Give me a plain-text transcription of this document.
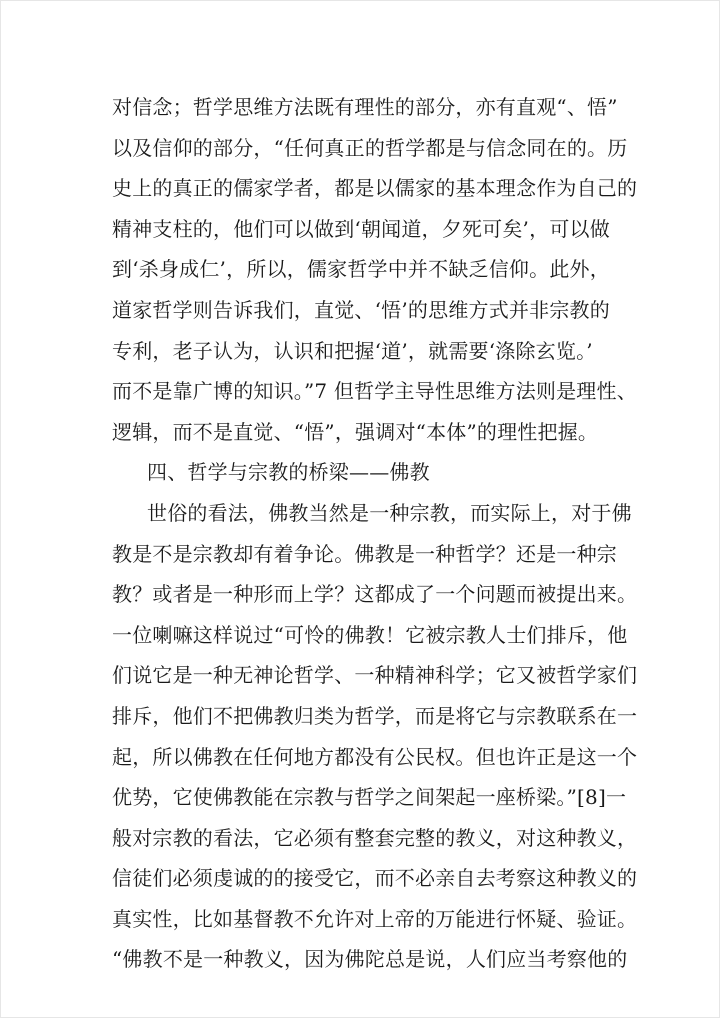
对信念；哲学思维方法既有理性的部分，亦有直观“、悟”
以及信仰的部分，“任何真正的哲学都是与信念同在的。历
史上的真正的儒家学者，都是以儒家的基本理念作为自己的
精神支柱的，他们可以做到‘朝闻道，夕死可矣’，可以做
到‘杀身成仁’，所以，儒家哲学中并不缺乏信仰。此外，
道家哲学则告诉我们，直觉、‘悟’的思维方式并非宗教的
专利，老子认为，认识和把握‘道’，就需要‘涤除玄览。’
而不是靠广博的知识。”7 但哲学主导性思维方法则是理性、
逻辑，而不是直觉、“悟”，强调对“本体”的理性把握。
四、哲学与宗教的桥梁——佛教
世俗的看法，佛教当然是一种宗教，而实际上，对于佛
教是不是宗教却有着争论。佛教是一种哲学？还是一种宗
教？或者是一种形而上学？这都成了一个问题而被提出来。
一位喇嘛这样说过“可怜的佛教！它被宗教人士们排斥，他
们说它是一种无神论哲学、一种精神科学；它又被哲学家们
排斥，他们不把佛教归类为哲学，而是将它与宗教联系在一
起，所以佛教在任何地方都没有公民权。但也许正是这一个
优势，它使佛教能在宗教与哲学之间架起一座桥梁。”[8]一
般对宗教的看法，它必须有整套完整的教义，对这种教义，
信徒们必须虔诚的的接受它，而不必亲自去考察这种教义的
真实性，比如基督教不允许对上帝的万能进行怀疑、验证。
“佛教不是一种教义，因为佛陀总是说，人们应当考察他的
